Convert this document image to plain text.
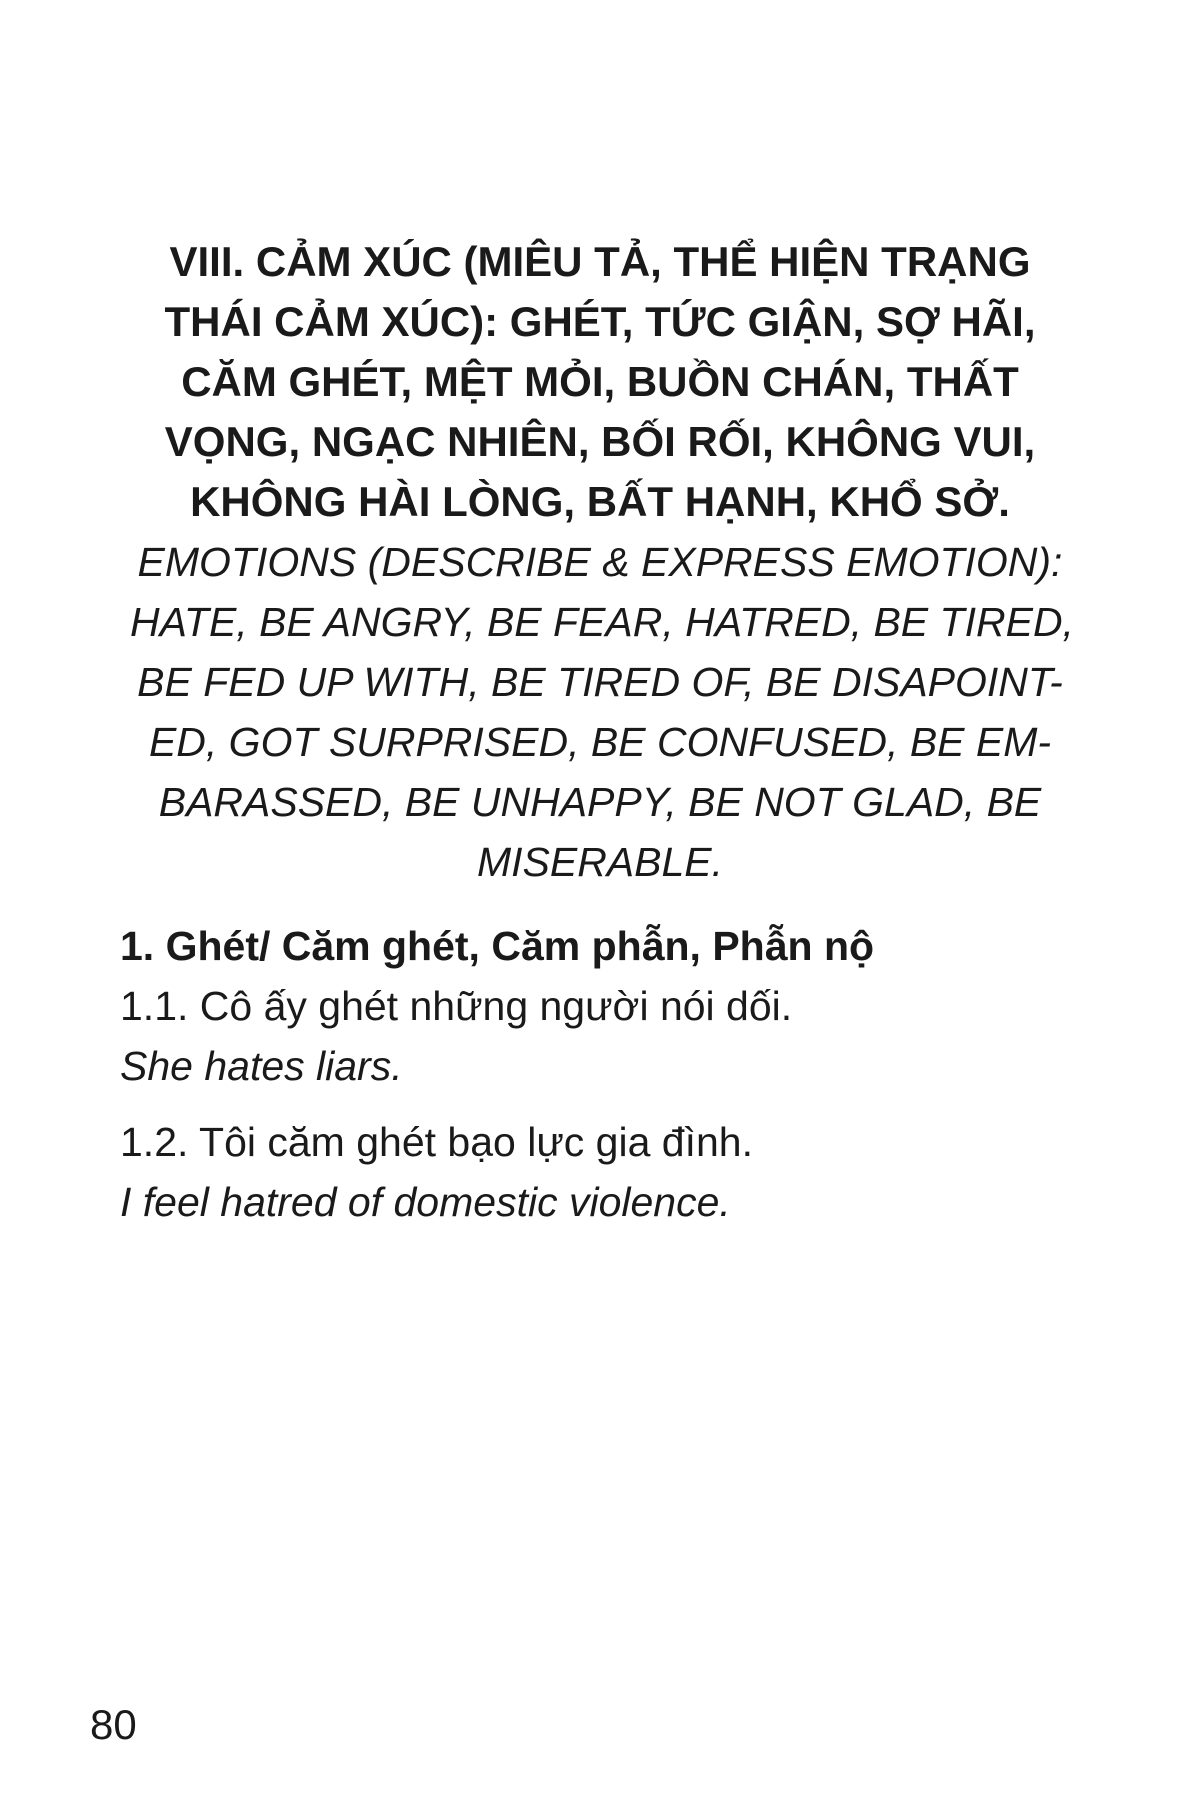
VIII. CẢM XÚC (MIÊU TẢ, THỂ HIỆN TRẠNG
THÁI CẢM XÚC): GHÉT, TỨC GIẬN, SỢ HÃI,
CĂM GHÉT, MỆT MỎI, BUỒN CHÁN, THẤT
VỌNG, NGẠC NHIÊN, BỐI RỐI, KHÔNG VUI,
KHÔNG HÀI LÒNG, BẤT HẠNH, KHỔ SỞ.
EMOTIONS (DESCRIBE & EXPRESS EMOTION):
HATE, BE ANGRY, BE FEAR, HATRED, BE TIRED,
BE FED UP WITH, BE TIRED OF, BE DISAPOINT-
ED, GOT SURPRISED, BE CONFUSED, BE EM-
BARASSED, BE UNHAPPY, BE NOT GLAD, BE
MISERABLE.

1. Ghét/ Căm ghét, Căm phẫn, Phẫn nộ

1.1. Cô ấy ghét những người nói dối.
She hates liars.
1.2. Tôi căm ghét bạo lực gia đình.
I feel hatred of domestic violence.
80
